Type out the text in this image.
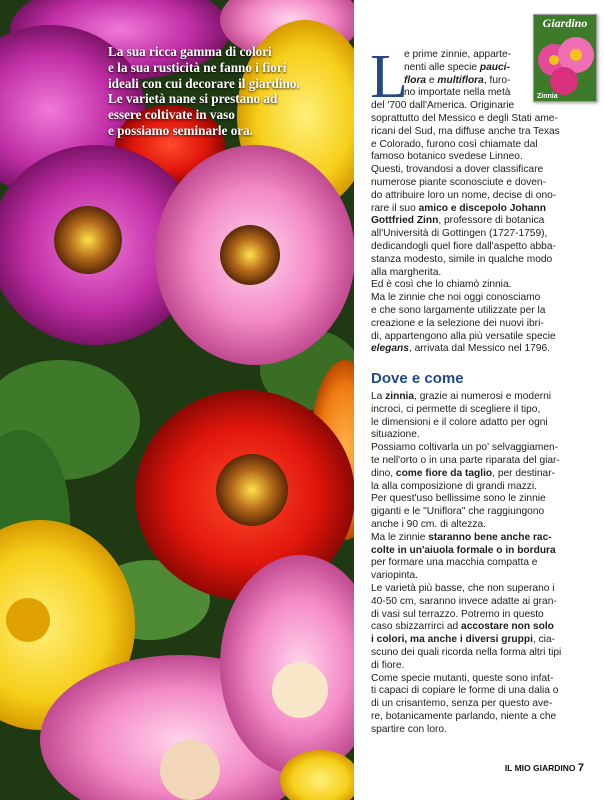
La sua ricca gamma di colori
e la sua rusticità ne fanno i fiori
ideali con cui decorare il giardino.
Le varietà nane si prestano ad
essere coltivate in vaso
e possiamo seminarle ora.
Giardino
Zinnia
L
e prime zinnie, apparte-
nenti alle specie pauci-
flora e multiflora, furo-
no importate nella metà
del '700 dall'America. Originarie
soprattutto del Messico e degli Stati ame-
ricani del Sud, ma diffuse anche tra Texas
e Colorado, furono così chiamate dal
famoso botanico svedese Linneo.
Questi, trovandosi a dover classificare
numerose piante sconosciute e doven-
do attribuire loro un nome, decise di ono-
rare il suo amico e discepolo Johann
Gottfried Zinn, professore di botanica
all'Università di Gottingen (1727-1759),
dedicandogli quel fiore dall'aspetto abba-
stanza modesto, simile in qualche modo
alla margherita.
Ed è così che lo chiamò zinnia.
Ma le zinnie che noi oggi conosciamo
e che sono largamente utilizzate per la
creazione e la selezione dei nuovi ibri-
di, appartengono alla più versatile specie
elegans, arrivata dal Messico nel 1796.
Dove e come
La zinnia, grazie ai numerosi e moderni
incroci, ci permette di scegliere il tipo,
le dimensioni e il colore adatto per ogni
situazione.
Possiamo coltivarla un po' selvaggiamen-
te nell'orto o in una parte riparata del giar-
dino, come fiore da taglio, per destinar-
la alla composizione di grandi mazzi.
Per quest'uso bellissime sono le zinnie
giganti e le "Uniflora" che raggiungono
anche i 90 cm. di altezza.
Ma le zinnie staranno bene anche rac-
colte in un'aiuola formale o in bordura
per formare una macchia compatta e
variopinta.
Le varietà più basse, che non superano i
40-50 cm, saranno invece adatte ai gran-
di vasi sul terrazzo. Potremo in questo
caso sbizzarrirci ad accostare non solo
i colori, ma anche i diversi gruppi, cia-
scuno dei quali ricorda nella forma altri tipi
di fiore.
Come specie mutanti, queste sono infat-
ti capaci di copiare le forme di una dalia o
di un crisantemo, senza per questo ave-
re, botanicamente parlando, niente a che
spartire con loro.
IL MIO GIARDINO 7
